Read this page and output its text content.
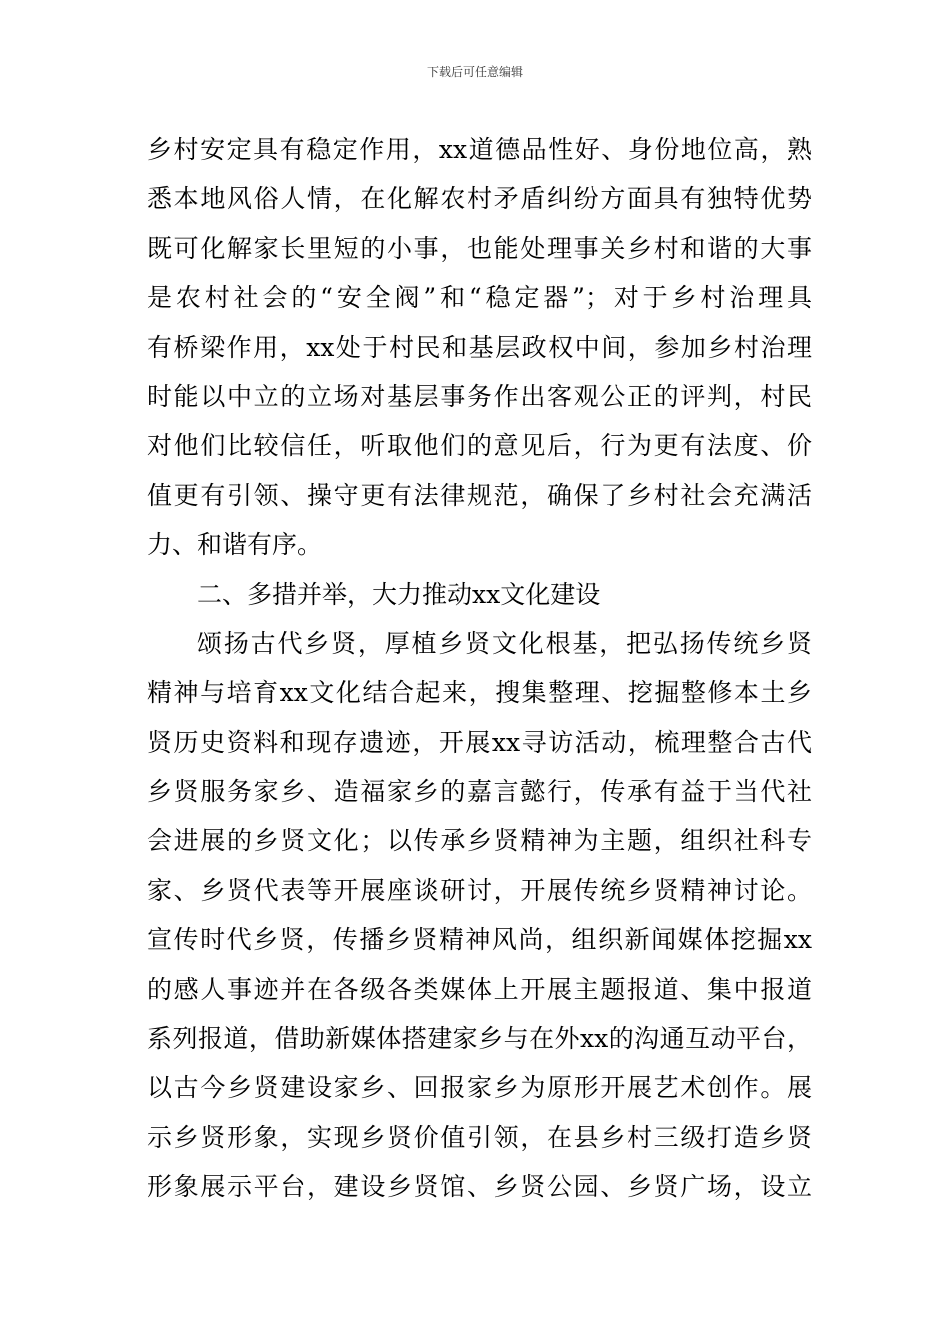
下载后可任意编辑
乡村安定具有稳定作用，xx道德品性好、身份地位高，熟
悉本地风俗人情，在化解农村矛盾纠纷方面具有独特优势
既可化解家长里短的小事，也能处理事关乡村和谐的大事
是农村社会的“安全阀”和“稳定器”；对于乡村治理具
有桥梁作用，xx处于村民和基层政权中间，参加乡村治理
时能以中立的立场对基层事务作出客观公正的评判，村民
对他们比较信任，听取他们的意见后，行为更有法度、价
值更有引领、操守更有法律规范，确保了乡村社会充满活
力、和谐有序。
二、多措并举，大力推动xx文化建设
颂扬古代乡贤，厚植乡贤文化根基，把弘扬传统乡贤
精神与培育xx文化结合起来，搜集整理、挖掘整修本土乡
贤历史资料和现存遗迹，开展xx寻访活动，梳理整合古代
乡贤服务家乡、造福家乡的嘉言懿行，传承有益于当代社
会进展的乡贤文化；以传承乡贤精神为主题，组织社科专
家、乡贤代表等开展座谈研讨，开展传统乡贤精神讨论。
宣传时代乡贤，传播乡贤精神风尚，组织新闻媒体挖掘xx
的感人事迹并在各级各类媒体上开展主题报道、集中报道
系列报道，借助新媒体搭建家乡与在外xx的沟通互动平台，
以古今乡贤建设家乡、回报家乡为原形开展艺术创作。展
示乡贤形象，实现乡贤价值引领，在县乡村三级打造乡贤
形象展示平台，建设乡贤馆、乡贤公园、乡贤广场，设立
